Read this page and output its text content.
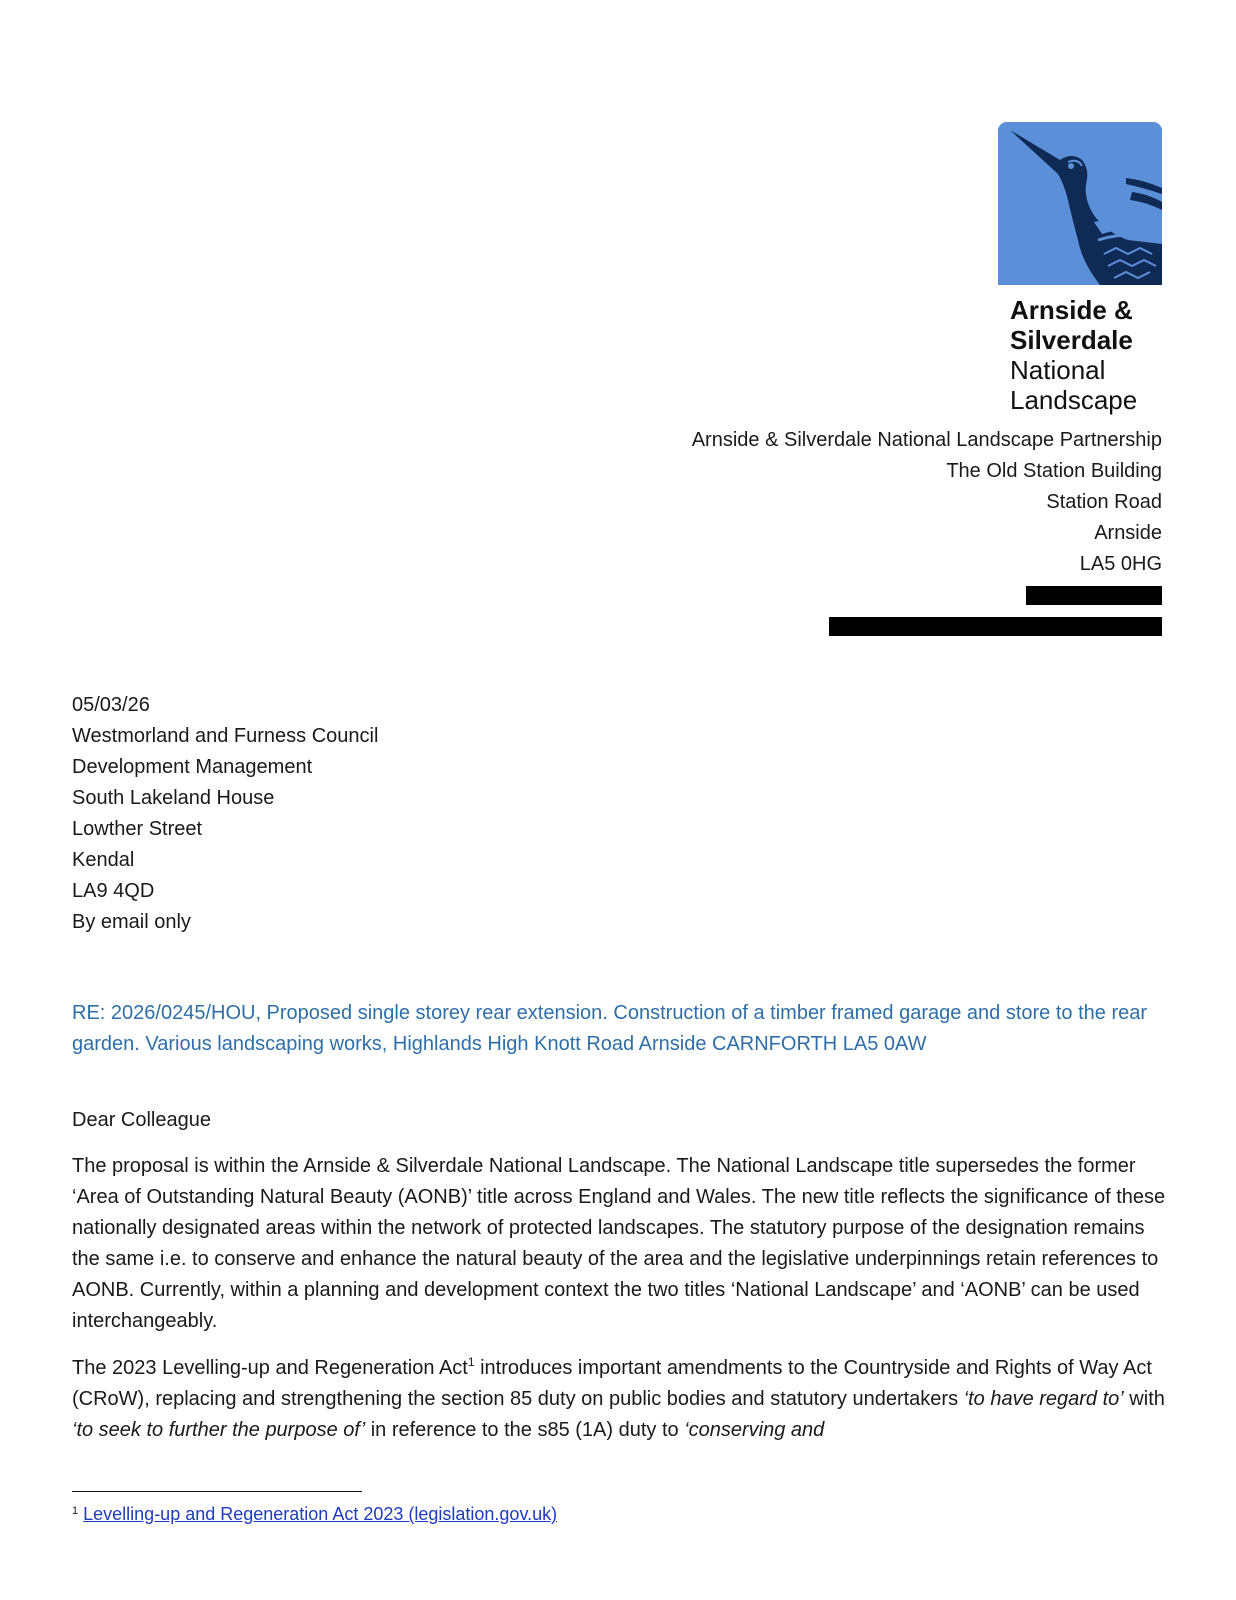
Arnside &
Silverdale
National
Landscape
Arnside & Silverdale National Landscape Partnership
The Old Station Building
Station Road
Arnside
LA5 0HG
05/03/26
Westmorland and Furness Council
Development Management
South Lakeland House
Lowther Street
Kendal
LA9 4QD
By email only
RE: 2026/0245/HOU, Proposed single storey rear extension. Construction of a timber framed garage and store to the rear garden. Various landscaping works, Highlands High Knott Road Arnside CARNFORTH LA5 0AW

Dear Colleague

The proposal is within the Arnside & Silverdale National Landscape. The National Landscape title supersedes the former ‘Area of Outstanding Natural Beauty (AONB)’ title across England and Wales. The new title reflects the significance of these nationally designated areas within the network of protected landscapes. The statutory purpose of the designation remains the same i.e. to conserve and enhance the natural beauty of the area and the legislative underpinnings retain references to AONB. Currently, within a planning and development context the two titles ‘National Landscape’ and ‘AONB’ can be used interchangeably.

The 2023 Levelling-up and Regeneration Act$^1$ introduces important amendments to the Countryside and Rights of Way Act (CRoW), replacing and strengthening the section 85 duty on public bodies and statutory undertakers ‘to have regard to’ with ‘to seek to further the purpose of’ in reference to the s85 (1A) duty to ‘conserving and

$^1$ Levelling-up and Regeneration Act 2023 (legislation.gov.uk)
